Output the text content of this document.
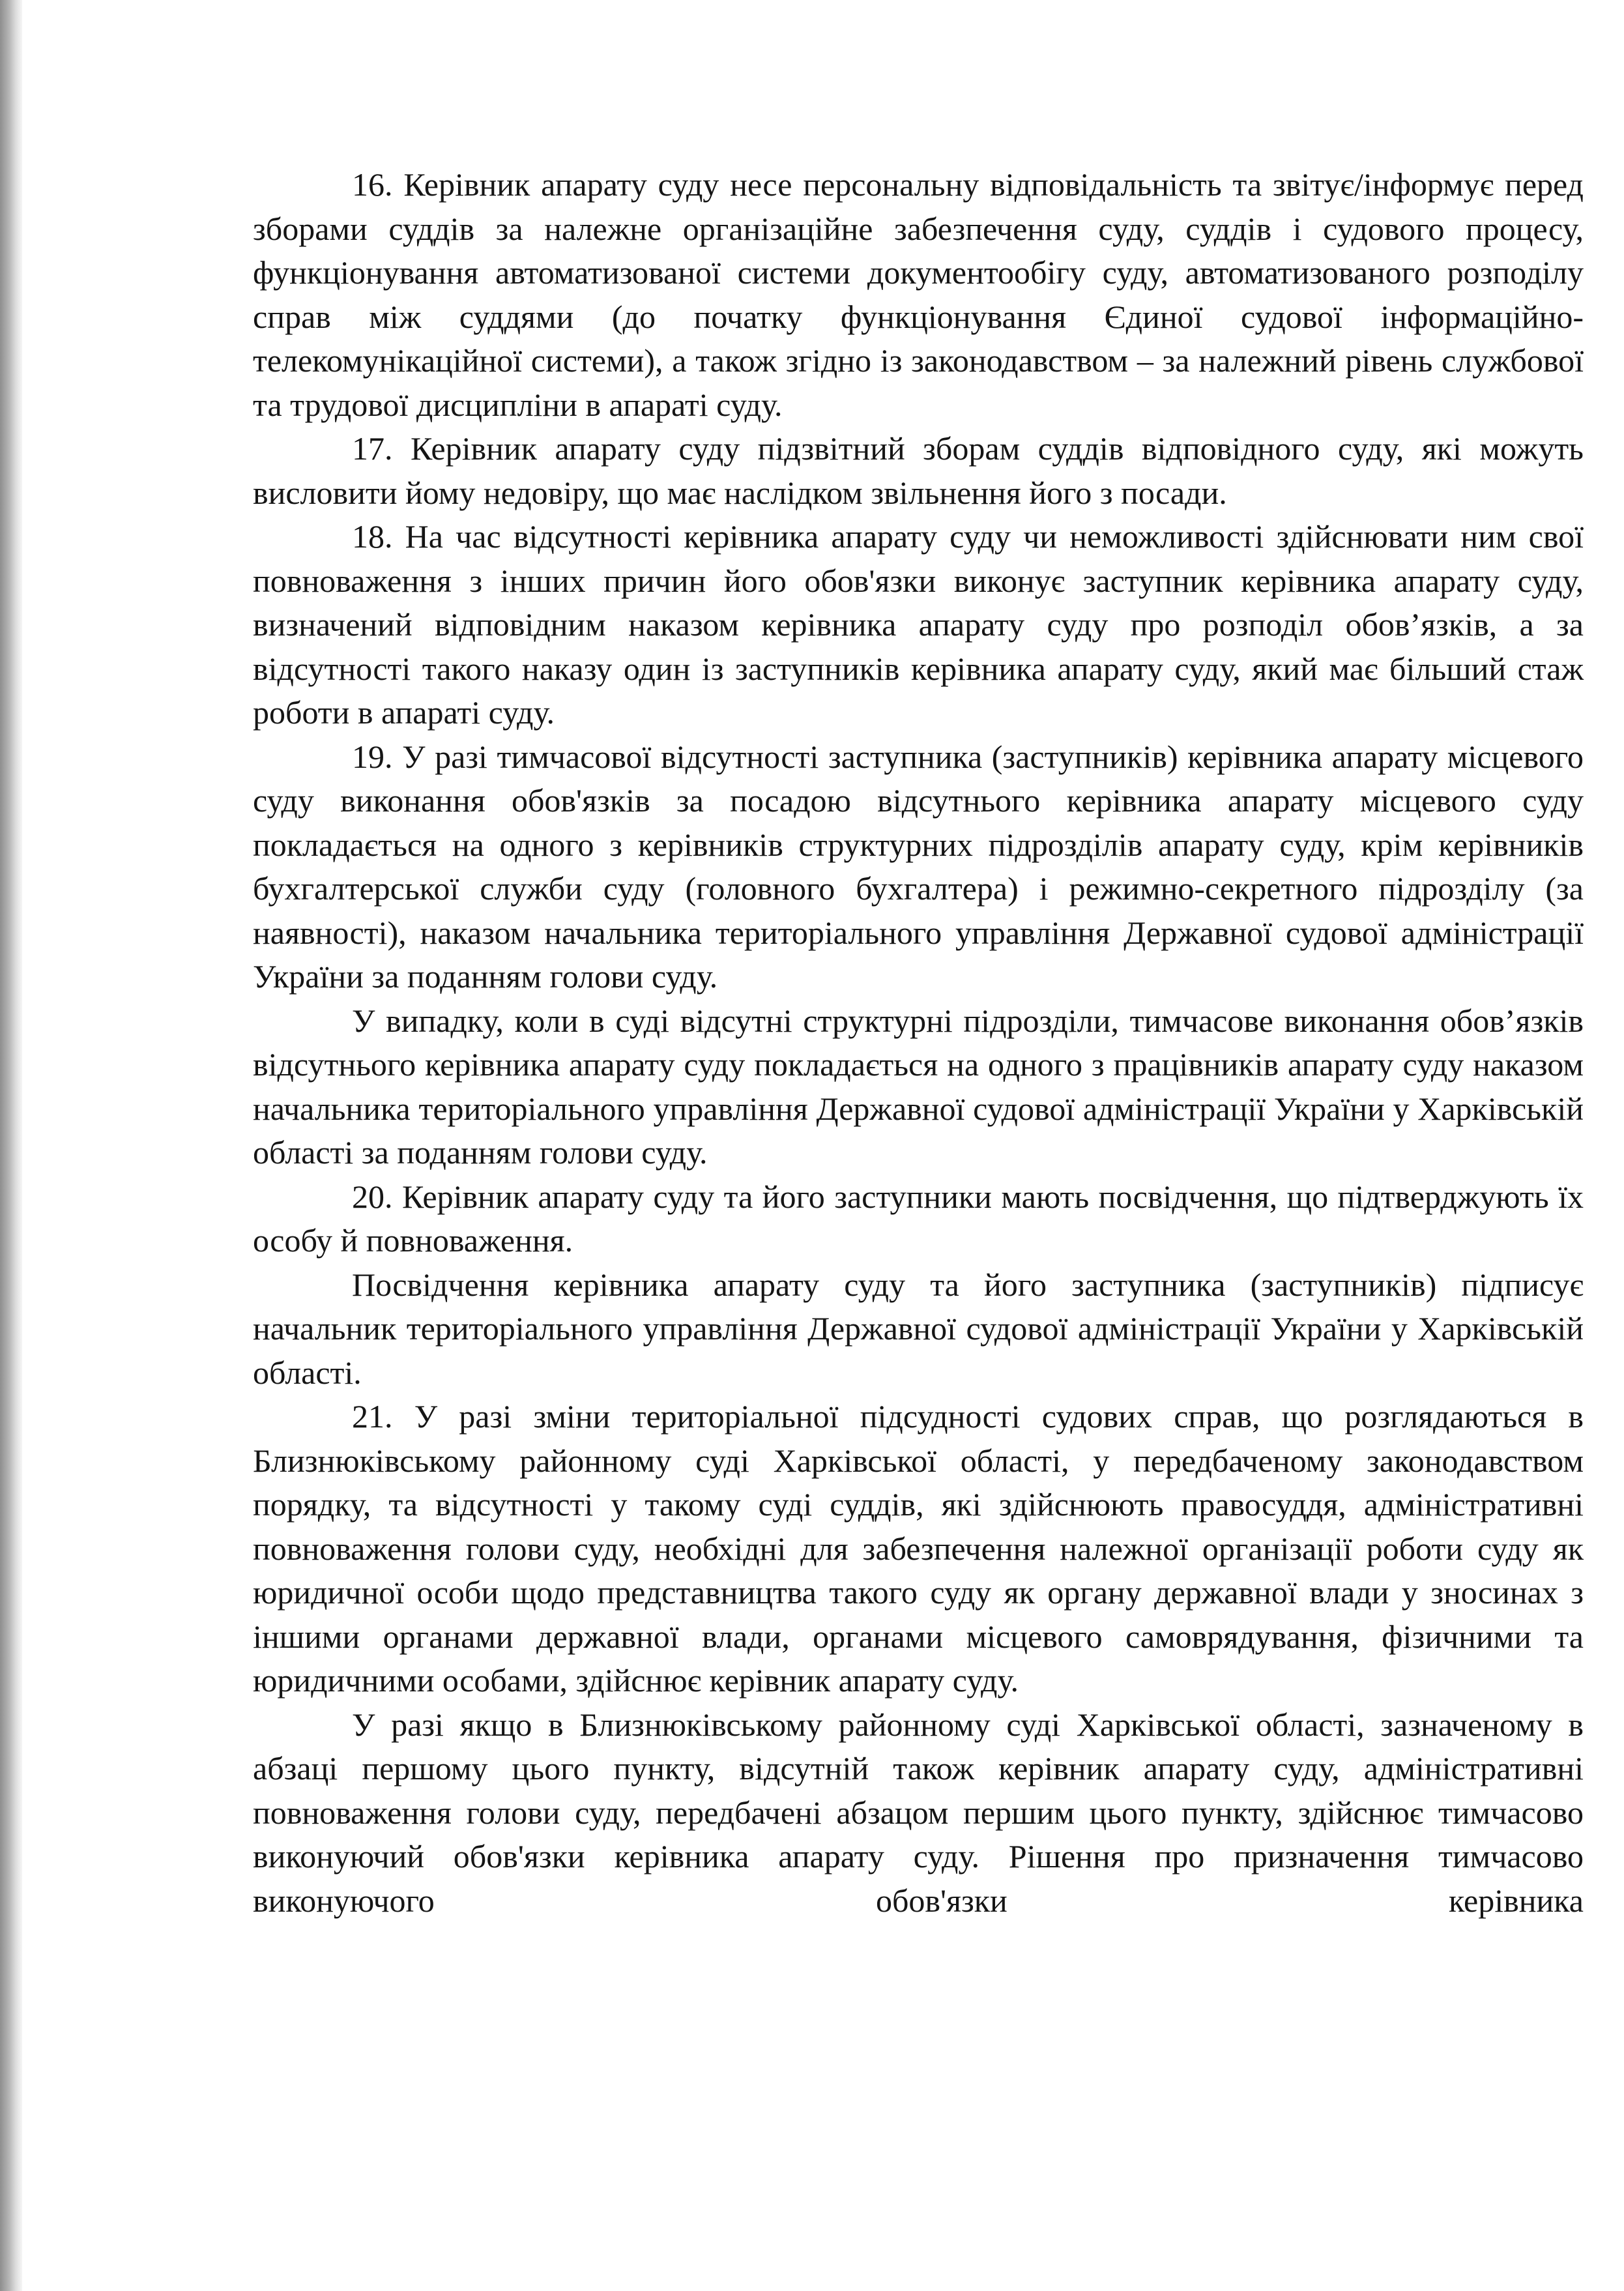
16. Керівник апарату суду несе персональну відповідальність та звітує/інформує перед зборами суддів за належне організаційне забезпечення суду, суддів і судового процесу, функціонування автоматизованої системи документообігу суду, автоматизованого розподілу справ між суддями (до початку функціонування Єдиної судової інформаційно-телекомунікаційної системи), а також згідно із законодавством – за належний рівень службової та трудової дисципліни в апараті суду.

17. Керівник апарату суду підзвітний зборам суддів відповідного суду, які можуть висловити йому недовіру, що має наслідком звільнення його з посади.

18. На час відсутності керівника апарату суду чи неможливості здійснювати ним свої повноваження з інших причин його обов'язки виконує заступник керівника апарату суду, визначений відповідним наказом керівника апарату суду про розподіл обов’язків, а за відсутності такого наказу один із заступників керівника апарату суду, який має більший стаж роботи в апараті суду.

19. У разі тимчасової відсутності заступника (заступників) керівника апарату місцевого суду виконання обов'язків за посадою відсутнього керівника апарату місцевого суду покладається на одного з керівників структурних підрозділів апарату суду, крім керівників бухгалтерської служби суду (головного бухгалтера) і режимно-секретного підрозділу (за наявності), наказом начальника територіального управління Державної судової адміністрації України за поданням голови суду.

У випадку, коли в суді відсутні структурні підрозділи, тимчасове виконання обов’язків відсутнього керівника апарату суду покладається на одного з працівників апарату суду наказом начальника територіального управління Державної судової адміністрації України у Харківській області за поданням голови суду.

20. Керівник апарату суду та його заступники мають посвідчення, що підтверджують їх особу й повноваження.

Посвідчення керівника апарату суду та його заступника (заступників) підписує начальник територіального управління Державної судової адміністрації України у Харківській області.

21. У разі зміни територіальної підсудності судових справ, що розглядаються в Близнюківському районному суді Харківської області, у передбаченому законодавством порядку, та відсутності у такому суді суддів, які здійснюють правосуддя, адміністративні повноваження голови суду, необхідні для забезпечення належної організації роботи суду як юридичної особи щодо представництва такого суду як органу державної влади у зносинах з іншими органами державної влади, органами місцевого самоврядування, фізичними та юридичними особами, здійснює керівник апарату суду.

У разі якщо в Близнюківському районному суді Харківської області, зазначеному в абзаці першому цього пункту, відсутній також керівник апарату суду, адміністративні повноваження голови суду, передбачені абзацом першим цього пункту, здійснює тимчасово виконуючий обов'язки керівника апарату суду. Рішення про призначення тимчасово виконуючого обов'язки керівника
